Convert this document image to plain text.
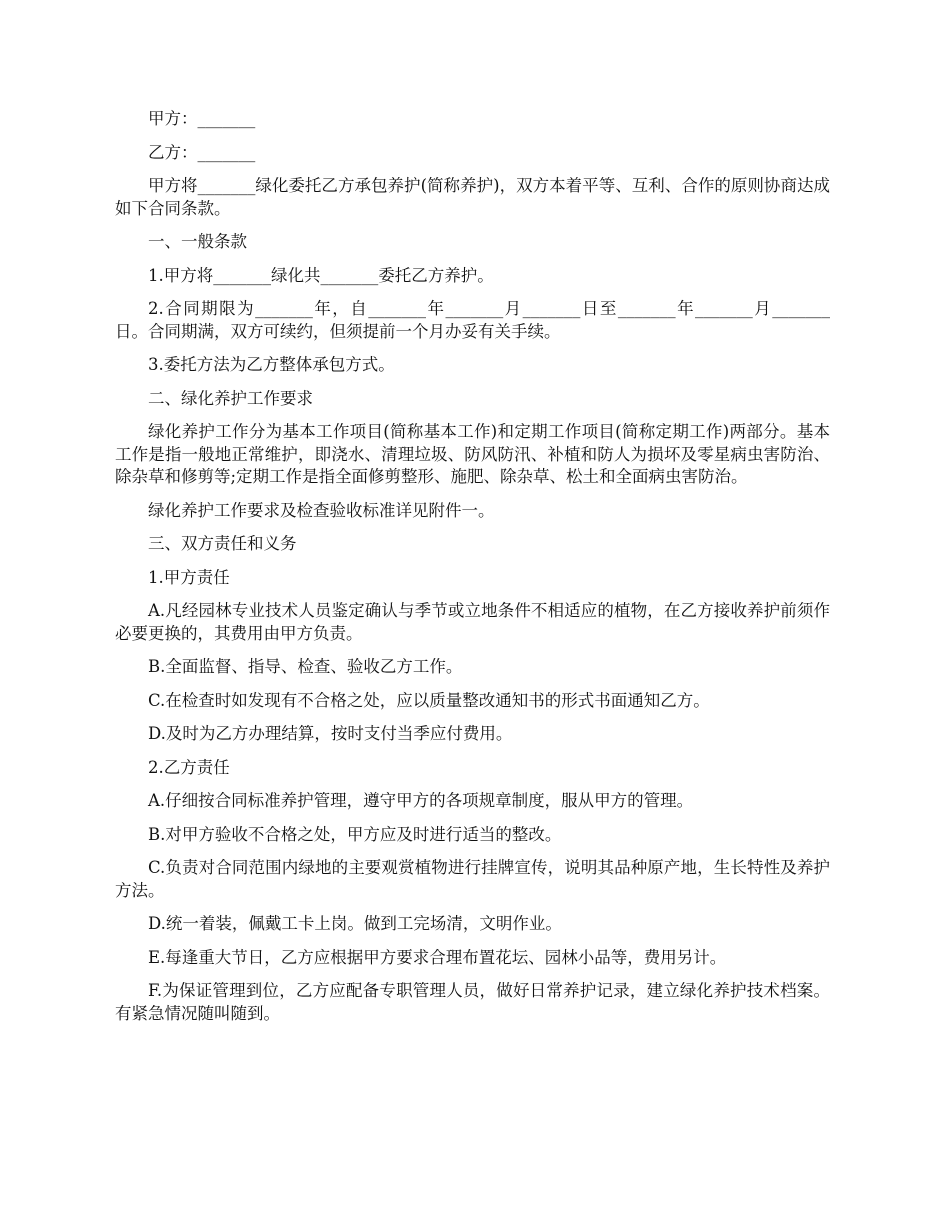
甲方：_______

乙方：_______

甲方将_______绿化委托乙方承包养护(简称养护)，双方本着平等、互利、合作的原则协商达成如下合同条款。

一、一般条款

1.甲方将_______绿化共_______委托乙方养护。

2.合同期限为_______年，自_______年_______月_______日至_______年_______月_______日。合同期满，双方可续约，但须提前一个月办妥有关手续。

3.委托方法为乙方整体承包方式。

二、绿化养护工作要求

绿化养护工作分为基本工作项目(简称基本工作)和定期工作项目(简称定期工作)两部分。基本工作是指一般地正常维护，即浇水、清理垃圾、防风防汛、补植和防人为损坏及零星病虫害防治、除杂草和修剪等;定期工作是指全面修剪整形、施肥、除杂草、松土和全面病虫害防治。

绿化养护工作要求及检查验收标准详见附件一。

三、双方责任和义务

1.甲方责任

A.凡经园林专业技术人员鉴定确认与季节或立地条件不相适应的植物，在乙方接收养护前须作必要更换的，其费用由甲方负责。

B.全面监督、指导、检查、验收乙方工作。

C.在检查时如发现有不合格之处，应以质量整改通知书的形式书面通知乙方。

D.及时为乙方办理结算，按时支付当季应付费用。

2.乙方责任

A.仔细按合同标准养护管理，遵守甲方的各项规章制度，服从甲方的管理。

B.对甲方验收不合格之处，甲方应及时进行适当的整改。

C.负责对合同范围内绿地的主要观赏植物进行挂牌宣传，说明其品种原产地，生长特性及养护方法。

D.统一着装，佩戴工卡上岗。做到工完场清，文明作业。

E.每逢重大节日，乙方应根据甲方要求合理布置花坛、园林小品等，费用另计。

F.为保证管理到位，乙方应配备专职管理人员，做好日常养护记录，建立绿化养护技术档案。有紧急情况随叫随到。
